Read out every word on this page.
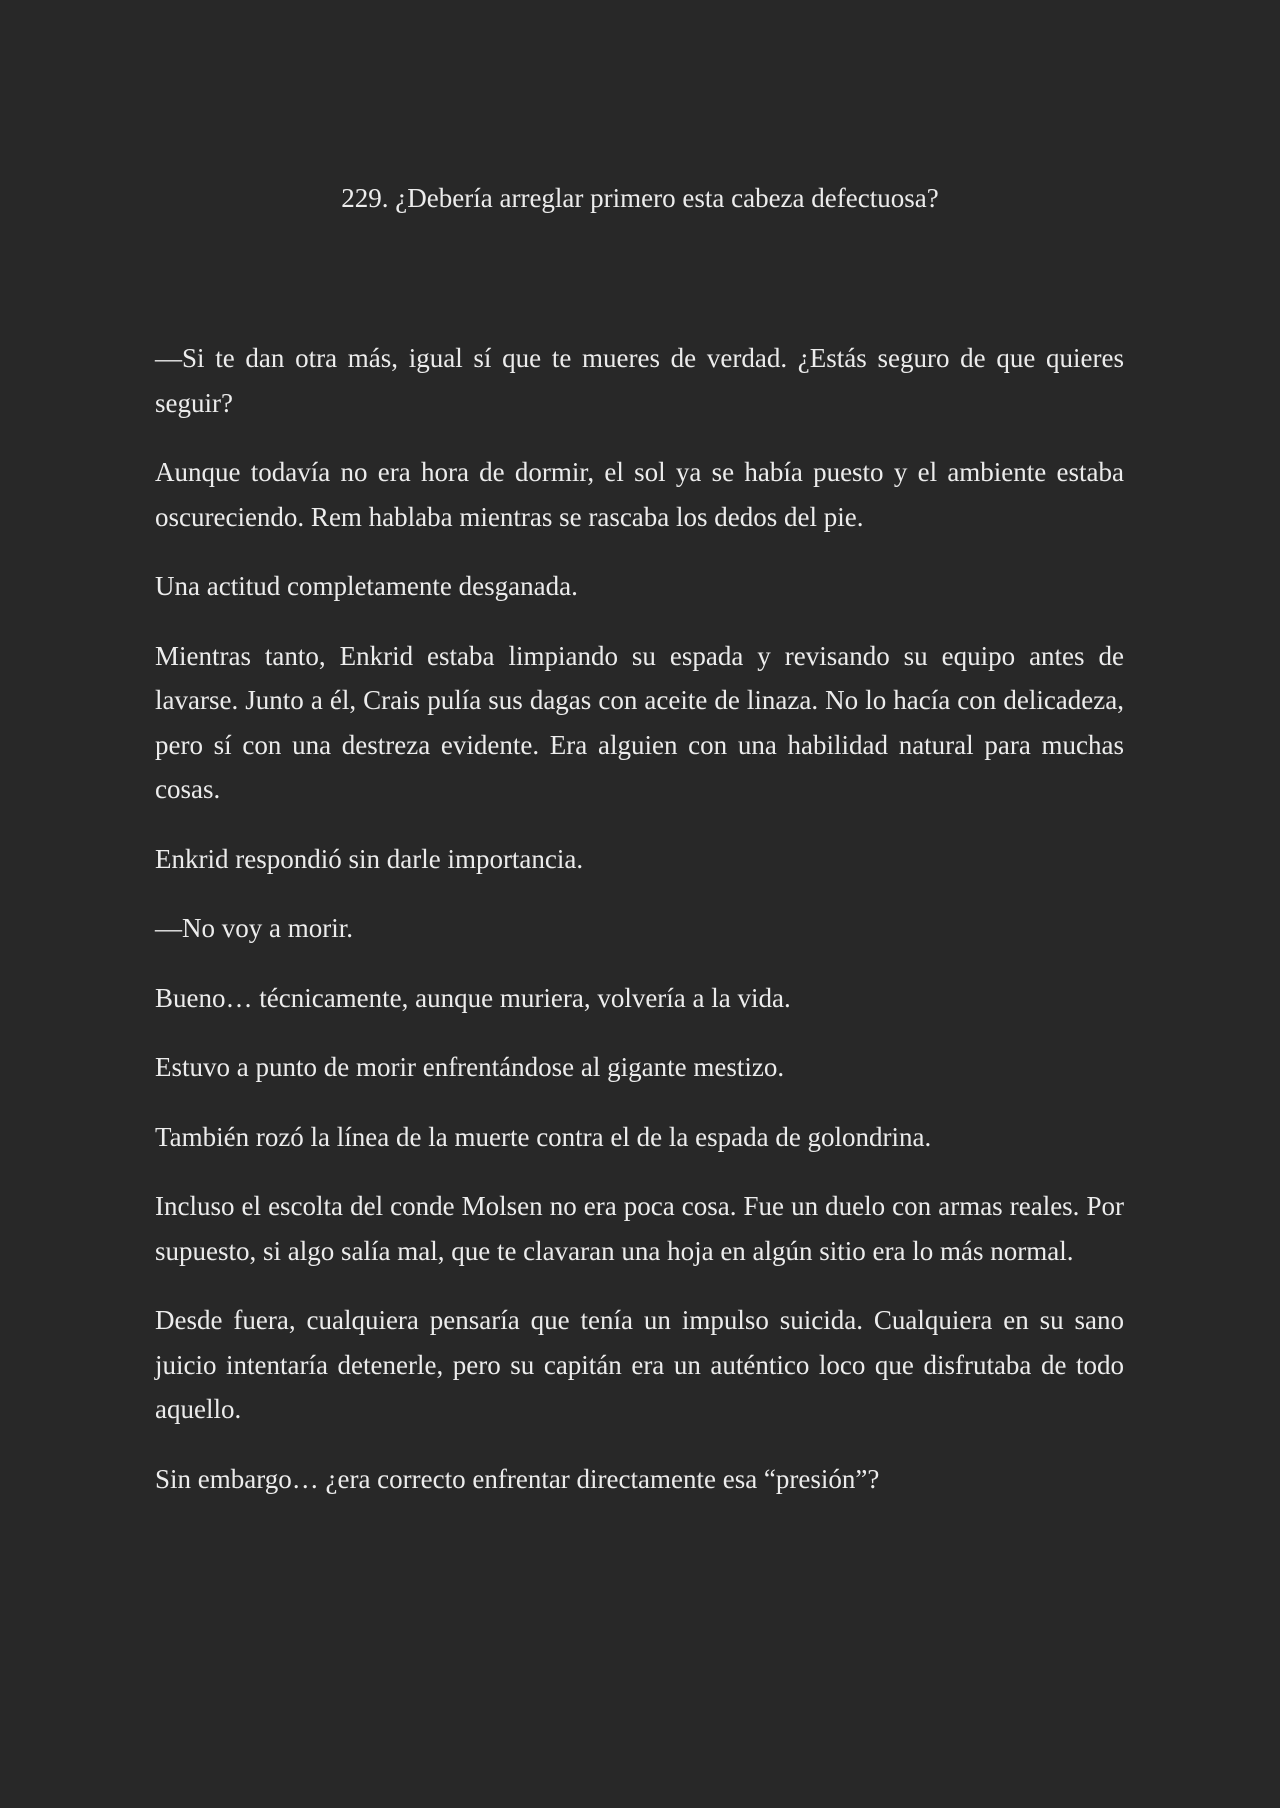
229. ¿Debería arreglar primero esta cabeza defectuosa?

—Si te dan otra más, igual sí que te mueres de verdad. ¿Estás seguro de que quieres seguir?

Aunque todavía no era hora de dormir, el sol ya se había puesto y el ambiente estaba oscureciendo. Rem hablaba mientras se rascaba los dedos del pie.

Una actitud completamente desganada.

Mientras tanto, Enkrid estaba limpiando su espada y revisando su equipo antes de lavarse. Junto a él, Crais pulía sus dagas con aceite de linaza. No lo hacía con delicadeza, pero sí con una destreza evidente. Era alguien con una habilidad natural para muchas cosas.

Enkrid respondió sin darle importancia.

—No voy a morir.

Bueno… técnicamente, aunque muriera, volvería a la vida.

Estuvo a punto de morir enfrentándose al gigante mestizo.

También rozó la línea de la muerte contra el de la espada de golondrina.

Incluso el escolta del conde Molsen no era poca cosa. Fue un duelo con armas reales. Por supuesto, si algo salía mal, que te clavaran una hoja en algún sitio era lo más normal.

Desde fuera, cualquiera pensaría que tenía un impulso suicida. Cualquiera en su sano juicio intentaría detenerle, pero su capitán era un auténtico loco que disfrutaba de todo aquello.

Sin embargo… ¿era correcto enfrentar directamente esa “presión”?
